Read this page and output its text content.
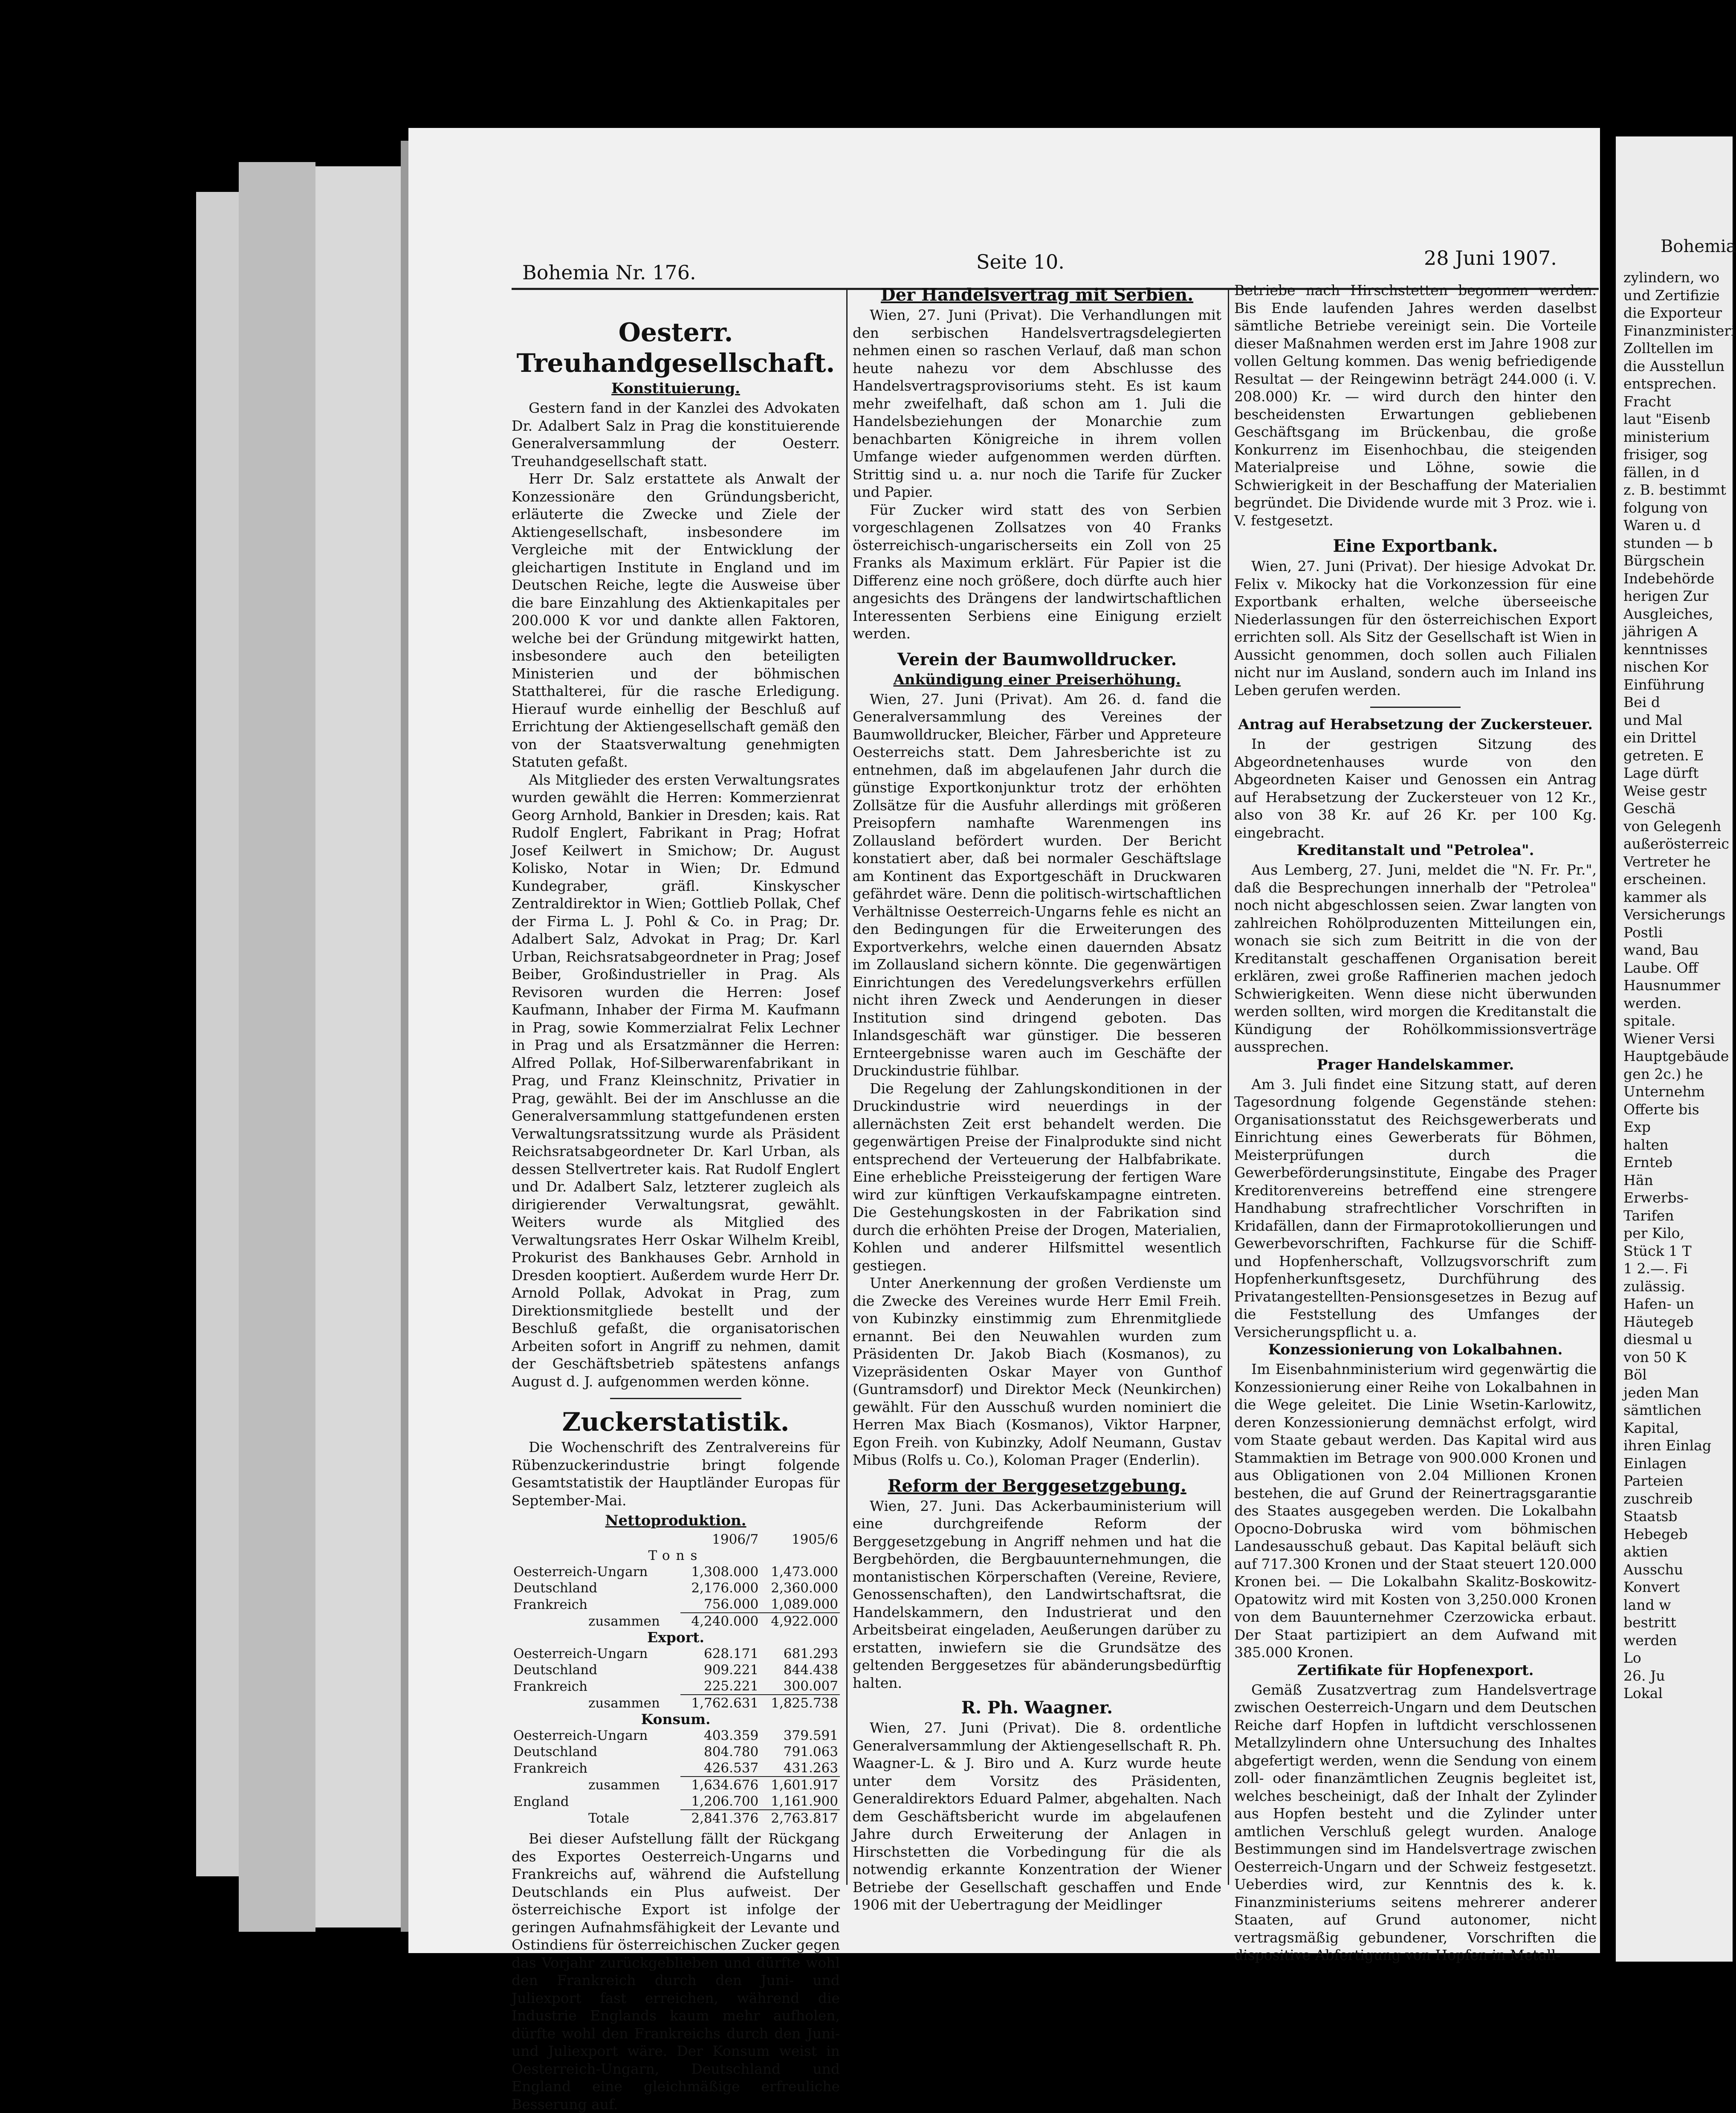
Bohemia Nr. 176.	Seite 10.	28 Juni 1907.	Bohemia
Oesterr. Treuhandgesellschaft.
Konstituierung.

Gestern fand in der Kanzlei des Advokaten Dr. Adalbert Salz in Prag die konstituierende Generalversammlung der Oesterr. Treuhandgesellschaft statt.

Herr Dr. Salz erstattete als Anwalt der Konzessionäre den Gründungsbericht, erläuterte die Zwecke und Ziele der Aktiengesellschaft, insbesondere im Vergleiche mit der Entwicklung der gleichartigen Institute in England und im Deutschen Reiche, legte die Ausweise über die bare Einzahlung des Aktienkapitales per 200.000 K vor und dankte allen Faktoren, welche bei der Gründung mitgewirkt hatten, insbesondere auch den beteiligten Ministerien und der böhmischen Statthalterei, für die rasche Erledigung. Hierauf wurde einhellig der Beschluß auf Errichtung der Aktiengesellschaft gemäß den von der Staatsverwaltung genehmigten Statuten gefaßt.

Als Mitglieder des ersten Verwaltungsrates wurden gewählt die Herren: Kommerzienrat Georg Arnhold, Bankier in Dresden; kais. Rat Rudolf Englert, Fabrikant in Prag; Hofrat Josef Keilwert in Smichow; Dr. August Kolisko, Notar in Wien; Dr. Edmund Kundegraber, gräfl. Kinskyscher Zentraldirektor in Wien; Gottlieb Pollak, Chef der Firma L. J. Pohl & Co. in Prag; Dr. Adalbert Salz, Advokat in Prag; Dr. Karl Urban, Reichsratsabgeordneter in Prag; Josef Beiber, Großindustrieller in Prag. Als Revisoren wurden die Herren: Josef Kaufmann, Inhaber der Firma M. Kaufmann in Prag, sowie Kommerzialrat Felix Lechner in Prag und als Ersatzmänner die Herren: Alfred Pollak, Hof-Silberwarenfabrikant in Prag, und Franz Kleinschnitz, Privatier in Prag, gewählt. Bei der im Anschlusse an die Generalversammlung stattgefundenen ersten Verwaltungsratssitzung wurde als Präsident Reichsratsabgeordneter Dr. Karl Urban, als dessen Stellvertreter kais. Rat Rudolf Englert und Dr. Adalbert Salz, letzterer zugleich als dirigierender Verwaltungsrat, gewählt. Weiters wurde als Mitglied des Verwaltungsrates Herr Oskar Wilhelm Kreibl, Prokurist des Bankhauses Gebr. Arnhold in Dresden kooptiert. Außerdem wurde Herr Dr. Arnold Pollak, Advokat in Prag, zum Direktionsmitgliede bestellt und der Beschluß gefaßt, die organisatorischen Arbeiten sofort in Angriff zu nehmen, damit der Geschäftsbetrieb spätestens anfangs August d. J. aufgenommen werden könne.

Zuckerstatistik.

Die Wochenschrift des Zentralvereins für Rübenzuckerindustrie bringt folgende Gesamtstatistik der Hauptländer Europas für September-Mai.

Nettoproduktion.
	1906/7	1905/6
Tons		
Oesterreich-Ungarn	1,308.000	1,473.000
Deutschland	2,176.000	2,360.000
Frankreich	756.000	1,089.000
zusammen	4,240.000	4,922.000
Export.		
Oesterreich-Ungarn	628.171	681.293
Deutschland	909.221	844.438
Frankreich	225.221	300.007
zusammen	1,762.631	1,825.738
Konsum.		
Oesterreich-Ungarn	403.359	379.591
Deutschland	804.780	791.063
Frankreich	426.537	431.263
zusammen	1,634.676	1,601.917
England	1,206.700	1,161.900
Totale	2,841.376	2,763.817

Bei dieser Aufstellung fällt der Rückgang des Exportes Oesterreich-Ungarns und Frankreichs auf, während die Aufstellung Deutschlands ein Plus aufweist. Der österreichische Export ist infolge der geringen Aufnahmsfähigkeit der Levante und Ostindiens für österreichischen Zucker gegen das Vorjahr zurückgeblieben und dürfte wohl den Frankreich durch den Juni- und Juliexport fast erreichen, während die Industrie Englands kaum mehr aufholen, dürfte wohl den Frankreichs durch den Juni- und Juliexport wäre. Der Konsum weist in Oesterreich-Ungarn, Deutschland und England eine gleichmäßige erfreuliche Besserung auf.

Der Handelsvertrag mit Serbien.

Wien, 27. Juni (Privat). Die Verhandlungen mit den serbischen Handelsvertragsdelegierten nehmen einen so raschen Verlauf, daß man schon heute nahezu vor dem Abschlusse des Handelsvertragsprovisoriums steht. Es ist kaum mehr zweifelhaft, daß schon am 1. Juli die Handelsbeziehungen der Monarchie zum benachbarten Königreiche in ihrem vollen Umfange wieder aufgenommen werden dürften. Strittig sind u. a. nur noch die Tarife für Zucker und Papier.

Für Zucker wird statt des von Serbien vorgeschlagenen Zollsatzes von 40 Franks österreichisch-ungarischerseits ein Zoll von 25 Franks als Maximum erklärt. Für Papier ist die Differenz eine noch größere, doch dürfte auch hier angesichts des Drängens der landwirtschaftlichen Interessenten Serbiens eine Einigung erzielt werden.

Verein der Baumwolldrucker.
Ankündigung einer Preiserhöhung.

Wien, 27. Juni (Privat). Am 26. d. fand die Generalversammlung des Vereines der Baumwolldrucker, Bleicher, Färber und Appreteure Oesterreichs statt. Dem Jahresberichte ist zu entnehmen, daß im abgelaufenen Jahr durch die günstige Exportkonjunktur trotz der erhöhten Zollsätze für die Ausfuhr allerdings mit größeren Preisopfern namhafte Warenmengen ins Zollausland befördert wurden. Der Bericht konstatiert aber, daß bei normaler Geschäftslage am Kontinent das Exportgeschäft in Druckwaren gefährdet wäre. Denn die politisch-wirtschaftlichen Verhältnisse Oesterreich-Ungarns fehle es nicht an den Bedingungen für die Erweiterungen des Exportverkehrs, welche einen dauernden Absatz im Zollausland sichern könnte. Die gegenwärtigen Einrichtungen des Veredelungsverkehrs erfüllen nicht ihren Zweck und Aenderungen in dieser Institution sind dringend geboten. Das Inlandsgeschäft war günstiger. Die besseren Ernteergebnisse waren auch im Geschäfte der Druckindustrie fühlbar.

Die Regelung der Zahlungskonditionen in der Druckindustrie wird neuerdings in der allernächsten Zeit erst behandelt werden. Die gegenwärtigen Preise der Finalprodukte sind nicht entsprechend der Verteuerung der Halbfabrikate. Eine erhebliche Preissteigerung der fertigen Ware wird zur künftigen Verkaufskampagne eintreten. Die Gestehungskosten in der Fabrikation sind durch die erhöhten Preise der Drogen, Materialien, Kohlen und anderer Hilfsmittel wesentlich gestiegen.

Unter Anerkennung der großen Verdienste um die Zwecke des Vereines wurde Herr Emil Freih. von Kubinzky einstimmig zum Ehrenmitgliede ernannt. Bei den Neuwahlen wurden zum Präsidenten Dr. Jakob Biach (Kosmanos), zu Vizepräsidenten Oskar Mayer von Gunthof (Guntramsdorf) und Direktor Meck (Neunkirchen) gewählt. Für den Ausschuß wurden nominiert die Herren Max Biach (Kosmanos), Viktor Harpner, Egon Freih. von Kubinzky, Adolf Neumann, Gustav Mibus (Rolfs u. Co.), Koloman Prager (Enderlin).

Reform der Berggesetzgebung.

Wien, 27. Juni. Das Ackerbauministerium will eine durchgreifende Reform der Berggesetzgebung in Angriff nehmen und hat die Bergbehörden, die Bergbauunternehmungen, die montanistischen Körperschaften (Vereine, Reviere, Genossenschaften), den Landwirtschaftsrat, die Handelskammern, den Industrierat und den Arbeitsbeirat eingeladen, Aeußerungen darüber zu erstatten, inwiefern sie die Grundsätze des geltenden Berggesetzes für abänderungsbedürftig halten.

R. Ph. Waagner.

Wien, 27. Juni (Privat). Die 8. ordentliche Generalversammlung der Aktiengesellschaft R. Ph. Waagner-L. & J. Biro und A. Kurz wurde heute unter dem Vorsitz des Präsidenten, Generaldirektors Eduard Palmer, abgehalten. Nach dem Geschäftsbericht wurde im abgelaufenen Jahre durch Erweiterung der Anlagen in Hirschstetten die Vorbedingung für die als notwendig erkannte Konzentration der Wiener Betriebe der Gesellschaft geschaffen und Ende 1906 mit der Uebertragung der Meidlinger

Betriebe nach Hirschstetten begonnen werden. Bis Ende laufenden Jahres werden daselbst sämtliche Betriebe vereinigt sein. Die Vorteile dieser Maßnahmen werden erst im Jahre 1908 zur vollen Geltung kommen. Das wenig befriedigende Resultat — der Reingewinn beträgt 244.000 (i. V. 208.000) Kr. — wird durch den hinter den bescheidensten Erwartungen gebliebenen Geschäftsgang im Brückenbau, die große Konkurrenz im Eisenhochbau, die steigenden Materialpreise und Löhne, sowie die Schwierigkeit in der Beschaffung der Materialien begründet. Die Dividende wurde mit 3 Proz. wie i. V. festgesetzt.

Eine Exportbank.

Wien, 27. Juni (Privat). Der hiesige Advokat Dr. Felix v. Mikocky hat die Vorkonzession für eine Exportbank erhalten, welche überseeische Niederlassungen für den österreichischen Export errichten soll. Als Sitz der Gesellschaft ist Wien in Aussicht genommen, doch sollen auch Filialen nicht nur im Ausland, sondern auch im Inland ins Leben gerufen werden.

Antrag auf Herabsetzung der Zuckersteuer.

In der gestrigen Sitzung des Abgeordnetenhauses wurde von den Abgeordneten Kaiser und Genossen ein Antrag auf Herabsetzung der Zuckersteuer von 12 Kr., also von 38 Kr. auf 26 Kr. per 100 Kg. eingebracht.

Kreditanstalt und "Petrolea".

Aus Lemberg, 27. Juni, meldet die "N. Fr. Pr.", daß die Besprechungen innerhalb der "Petrolea" noch nicht abgeschlossen seien. Zwar langten von zahlreichen Rohölproduzenten Mitteilungen ein, wonach sie sich zum Beitritt in die von der Kreditanstalt geschaffenen Organisation bereit erklären, zwei große Raffinerien machen jedoch Schwierigkeiten. Wenn diese nicht überwunden werden sollten, wird morgen die Kreditanstalt die Kündigung der Rohölkommissionsverträge aussprechen.

Prager Handelskammer.

Am 3. Juli findet eine Sitzung statt, auf deren Tagesordnung folgende Gegenstände stehen: Organisationsstatut des Reichsgewerberats und Einrichtung eines Gewerberats für Böhmen, Meisterprüfungen durch die Gewerbeförderungsinstitute, Eingabe des Prager Kreditorenvereins betreffend eine strengere Handhabung strafrechtlicher Vorschriften in Kridafällen, dann der Firmaprotokollierungen und Gewerbevorschriften, Fachkurse für die Schiff- und Hopfenherschaft, Vollzugsvorschrift zum Hopfenherkunftsgesetz, Durchführung des Privatangestellten-Pensionsgesetzes in Bezug auf die Feststellung des Umfanges der Versicherungspflicht u. a.

Konzessionierung von Lokalbahnen.

Im Eisenbahnministerium wird gegenwärtig die Konzessionierung einer Reihe von Lokalbahnen in die Wege geleitet. Die Linie Wsetin-Karlowitz, deren Konzessionierung demnächst erfolgt, wird vom Staate gebaut werden. Das Kapital wird aus Stammaktien im Betrage von 900.000 Kronen und aus Obligationen von 2.04 Millionen Kronen bestehen, die auf Grund der Reinertragsgarantie des Staates ausgegeben werden. Die Lokalbahn Opocno-Dobruska wird vom böhmischen Landesausschuß gebaut. Das Kapital beläuft sich auf 717.300 Kronen und der Staat steuert 120.000 Kronen bei. — Die Lokalbahn Skalitz-Boskowitz-Opatowitz wird mit Kosten von 3,250.000 Kronen von dem Bauunternehmer Czerzowicka erbaut. Der Staat partizipiert an dem Aufwand mit 385.000 Kronen.

Zertifikate für Hopfenexport.

Gemäß Zusatzvertrag zum Handelsvertrage zwischen Oesterreich-Ungarn und dem Deutschen Reiche darf Hopfen in luftdicht verschlossenen Metallzylindern ohne Untersuchung des Inhaltes abgefertigt werden, wenn die Sendung von einem zoll- oder finanzämtlichen Zeugnis begleitet ist, welches bescheinigt, daß der Inhalt der Zylinder aus Hopfen besteht und die Zylinder unter amtlichen Verschluß gelegt wurden. Analoge Bestimmungen sind im Handelsvertrage zwischen Oesterreich-Ungarn und der Schweiz festgesetzt. Ueberdies wird, zur Kenntnis des k. k. Finanzministeriums seitens mehrerer anderer Staaten, auf Grund autonomer, nicht vertragsmäßig gebundener, Vorschriften die dispositive Abfertigung von Hopfen in Metall-

zylindern, wo
und Zertifizie
die Exporteur
Finanzministeri
Zolltellen im
die Ausstellun
entsprechen.
Fracht
laut "Eisenb
ministerium
frisiger, sog
fällen, in d
z. B. bestimmt
folgung von
Waren u. d
stunden — b
Bürgschein
Indebehörde
herigen Zur
Ausgleiches,
jährigen A
kenntnisses
nischen Kor
Einführung
Bei d
und Mal
ein Drittel
getreten. E
Lage dürft
Weise gestr
Geschä
von Gelegenh
außerösterreic
Vertreter he
erscheinen.
kammer als
Versicherungs
Postli
wand, Bau
Laube. Off
Hausnummer
werden.
spitale.
Wiener Versi
Hauptgebäude
gen 2c.) he
Unternehm
Offerte bis
Exp
halten
Ernteb
Hän
Erwerbs-
Tarifen
per Kilo,
Stück 1 T
1 2.—. Fi
zulässig.
Hafen- un
Häutegeb
diesmal u
von 50 K
Böl
jeden Man
sämtlichen
Kapital,
ihren Einlag
Einlagen
Parteien
zuschreib
Staatsb
Hebegeb
aktien
Ausschu
Konvert
land w
bestritt
werden
Lo
26. Ju
Lokal
